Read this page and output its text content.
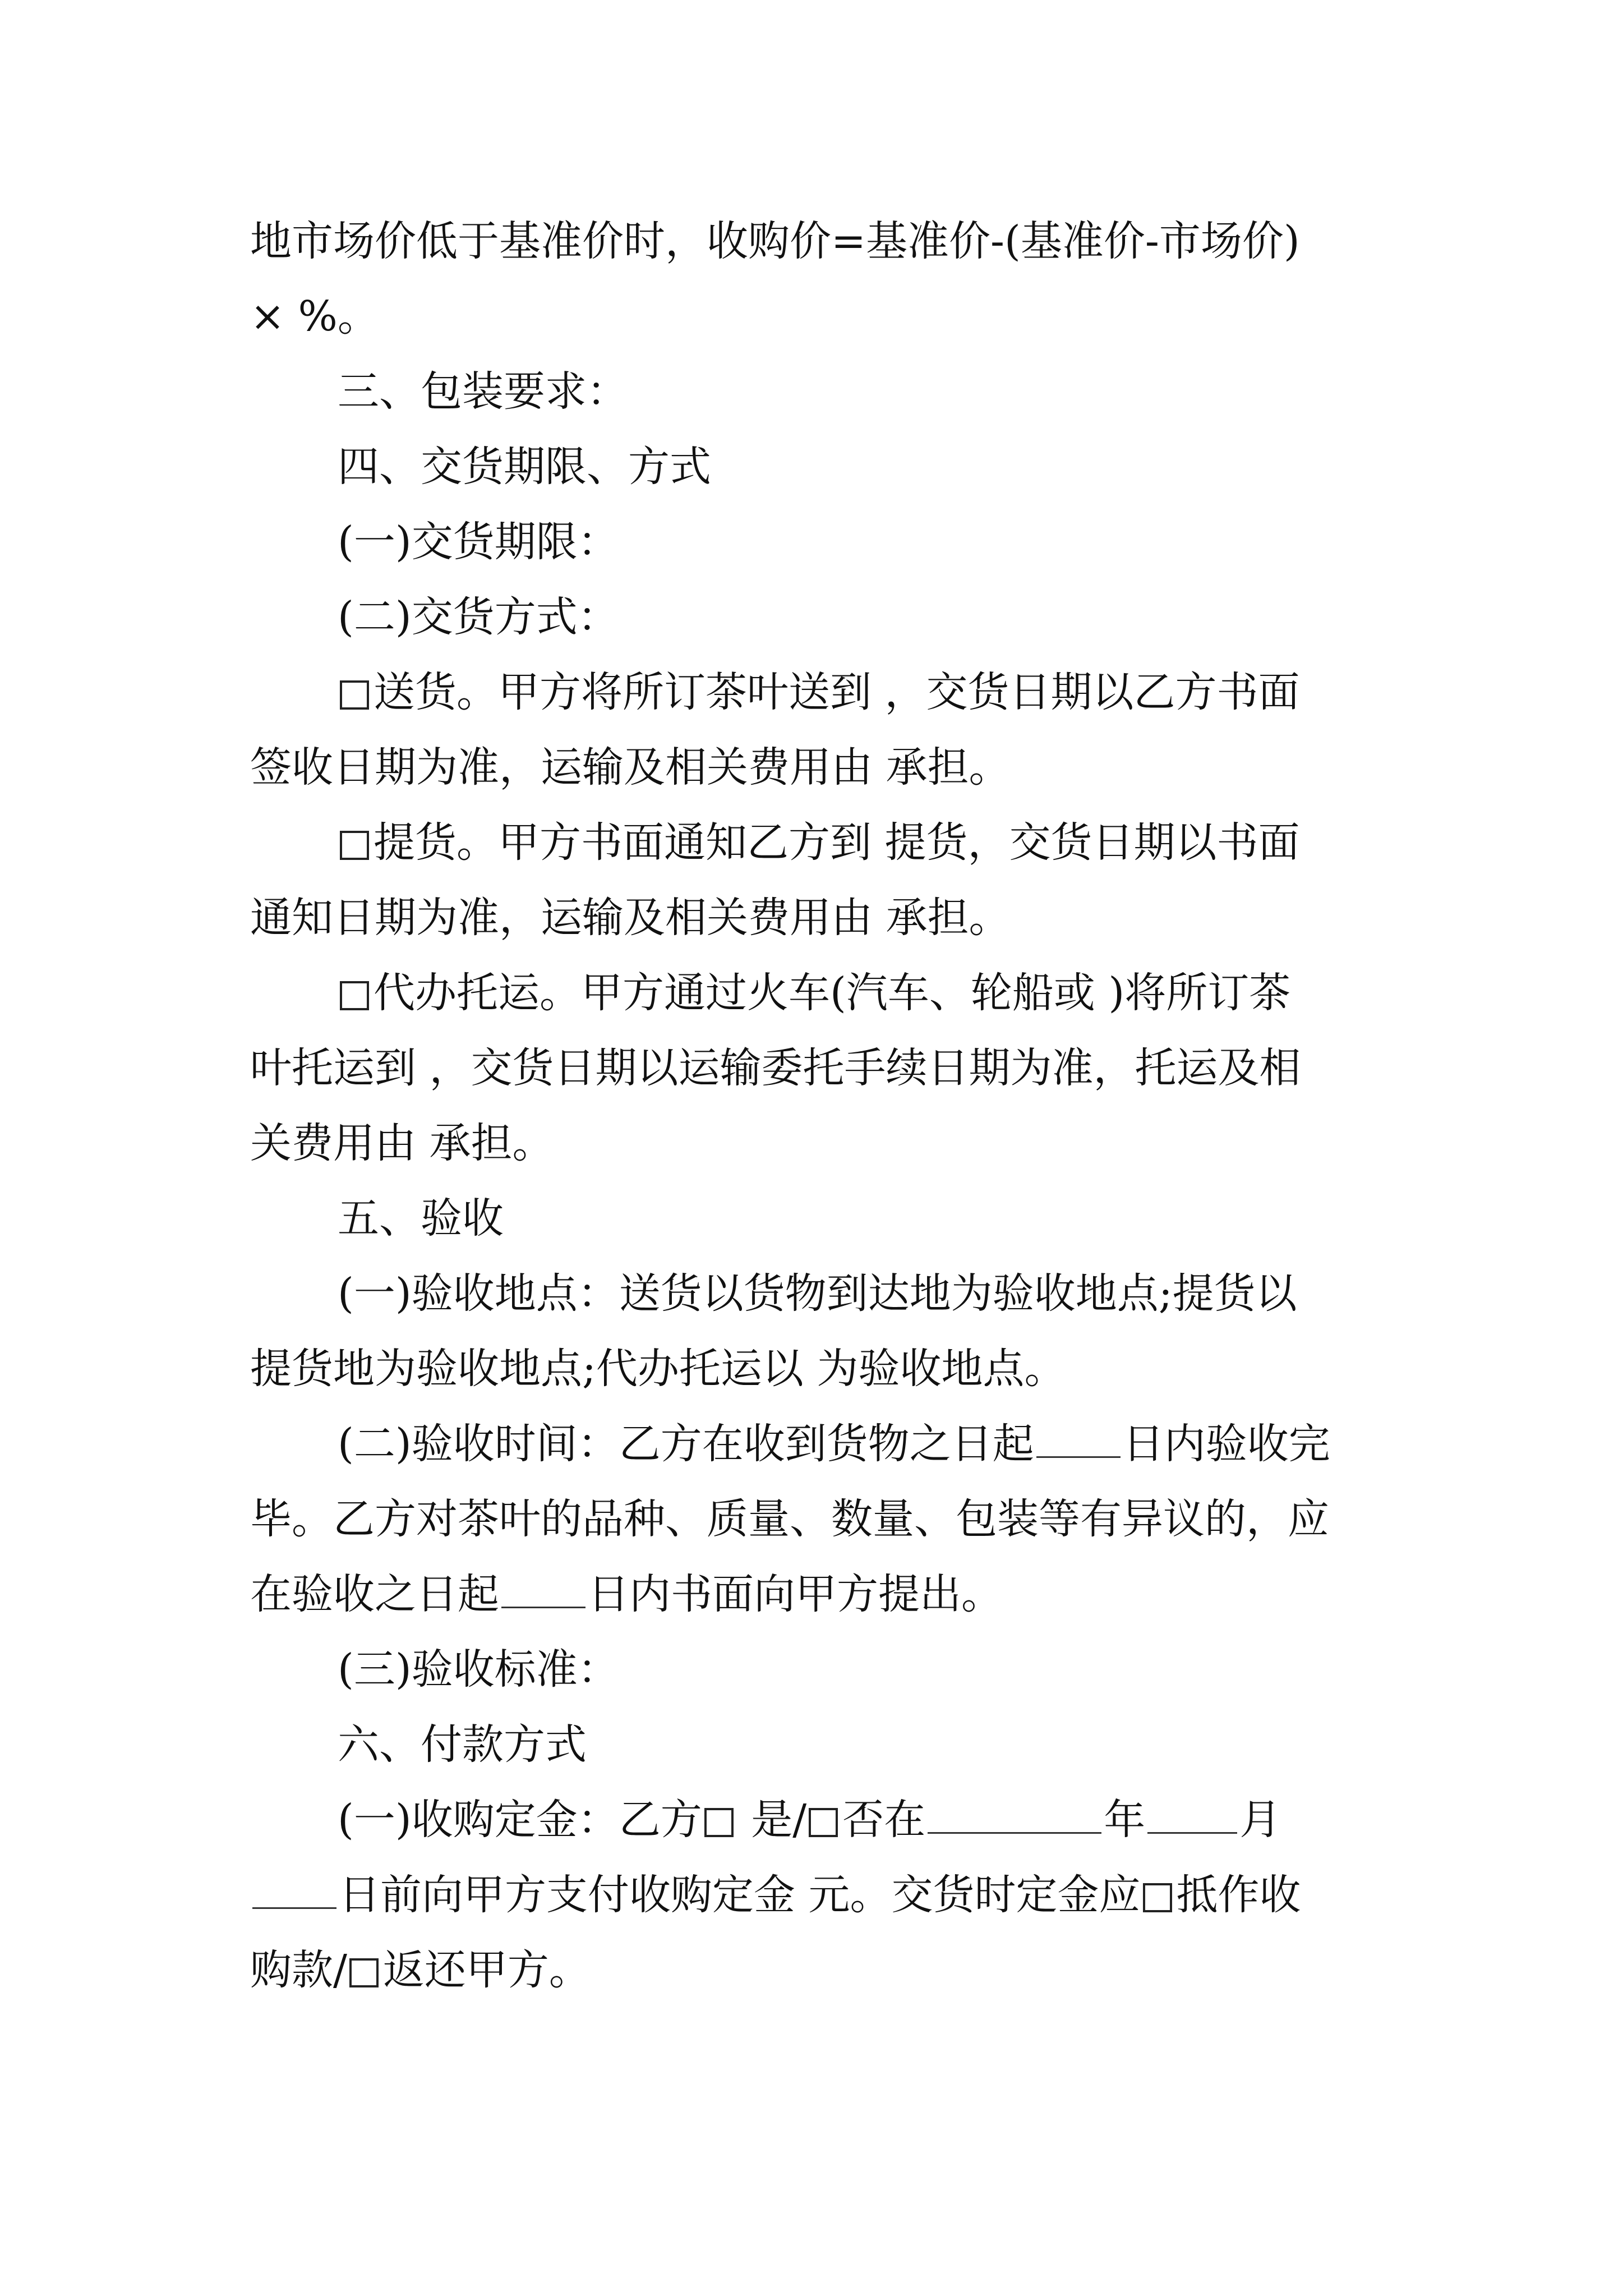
地市场价低于基准价时，收购价=基准价-(基准价-市场价)
× %。
三、包装要求：
四、交货期限、方式
(一)交货期限：
(二)交货方式：
送货。甲方将所订茶叶送到 ，交货日期以乙方书面
签收日期为准，运输及相关费用由 承担。
提货。甲方书面通知乙方到 提货，交货日期以书面
通知日期为准，运输及相关费用由 承担。
代办托运。甲方通过火车(汽车、轮船或 )将所订茶
叶托运到 ，交货日期以运输委托手续日期为准，托运及相
关费用由 承担。
五、验收
(一)验收地点：送货以货物到达地为验收地点;提货以
提货地为验收地点;代办托运以 为验收地点。
(二)验收时间：乙方在收到货物之日起 日内验收完
毕。乙方对茶叶的品种、质量、数量、包装等有异议的，应
在验收之日起 日内书面向甲方提出。
(三)验收标准：
六、付款方式
(一)收购定金：乙方 是/ 否在	年 月
日前向甲方支付收购定金 元。交货时定金应 抵作收
购款/ 返还甲方。
